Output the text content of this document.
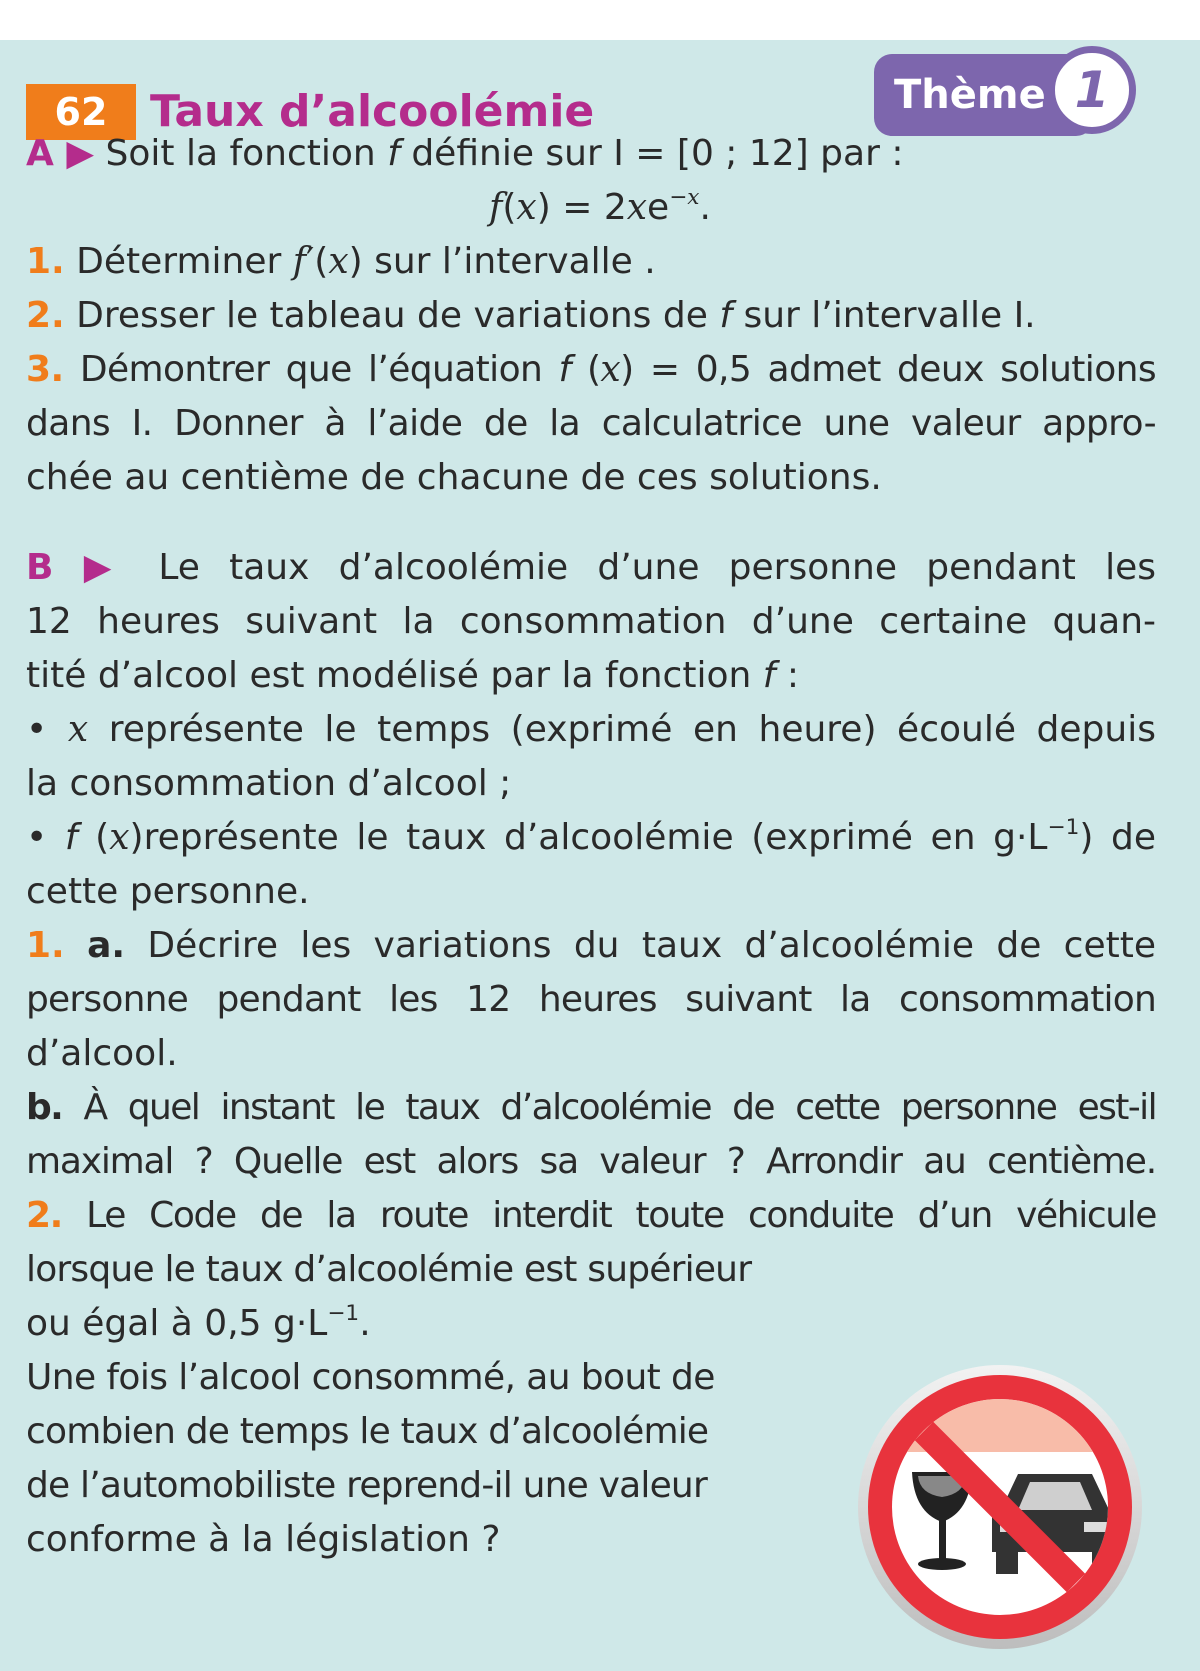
62 Taux d’alcoolémie	Thème 1
A ▶ Soit la fonction f définie sur I = [0 ; 12] par :
$f(x) = 2xe^{-x}$.
1. Déterminer f′(x) sur l’intervalle .
2. Dresser le tableau de variations de f sur l’intervalle I.
3. Démontrer que l’équation f (x) = 0,5 admet deux solutions
dans I. Donner à l’aide de la calculatrice une valeur appro-
chée au centième de chacune de ces solutions.
B ▶ Le taux d’alcoolémie d’une personne pendant les
12 heures suivant la consommation d’une certaine quan-
tité d’alcool est modélisé par la fonction f :
• x représente le temps (exprimé en heure) écoulé depuis
la consommation d’alcool ;
• f (x)représente le taux d’alcoolémie (exprimé en $g\cdot L^{-1}$) de
cette personne.
1. a. Décrire les variations du taux d’alcoolémie de cette
personne pendant les 12 heures suivant la consommation
d’alcool.
b. À quel instant le taux d’alcoolémie de cette personne est-il
maximal ? Quelle est alors sa valeur ? Arrondir au centième.
2. Le Code de la route interdit toute conduite d’un véhicule
lorsque le taux d’alcoolémie est supérieur
ou égal à 0,5 $g\cdot L^{-1}$.
Une fois l’alcool consommé, au bout de
combien de temps le taux d’alcoolémie
de l’automobiliste reprend-il une valeur
conforme à la législation ?
